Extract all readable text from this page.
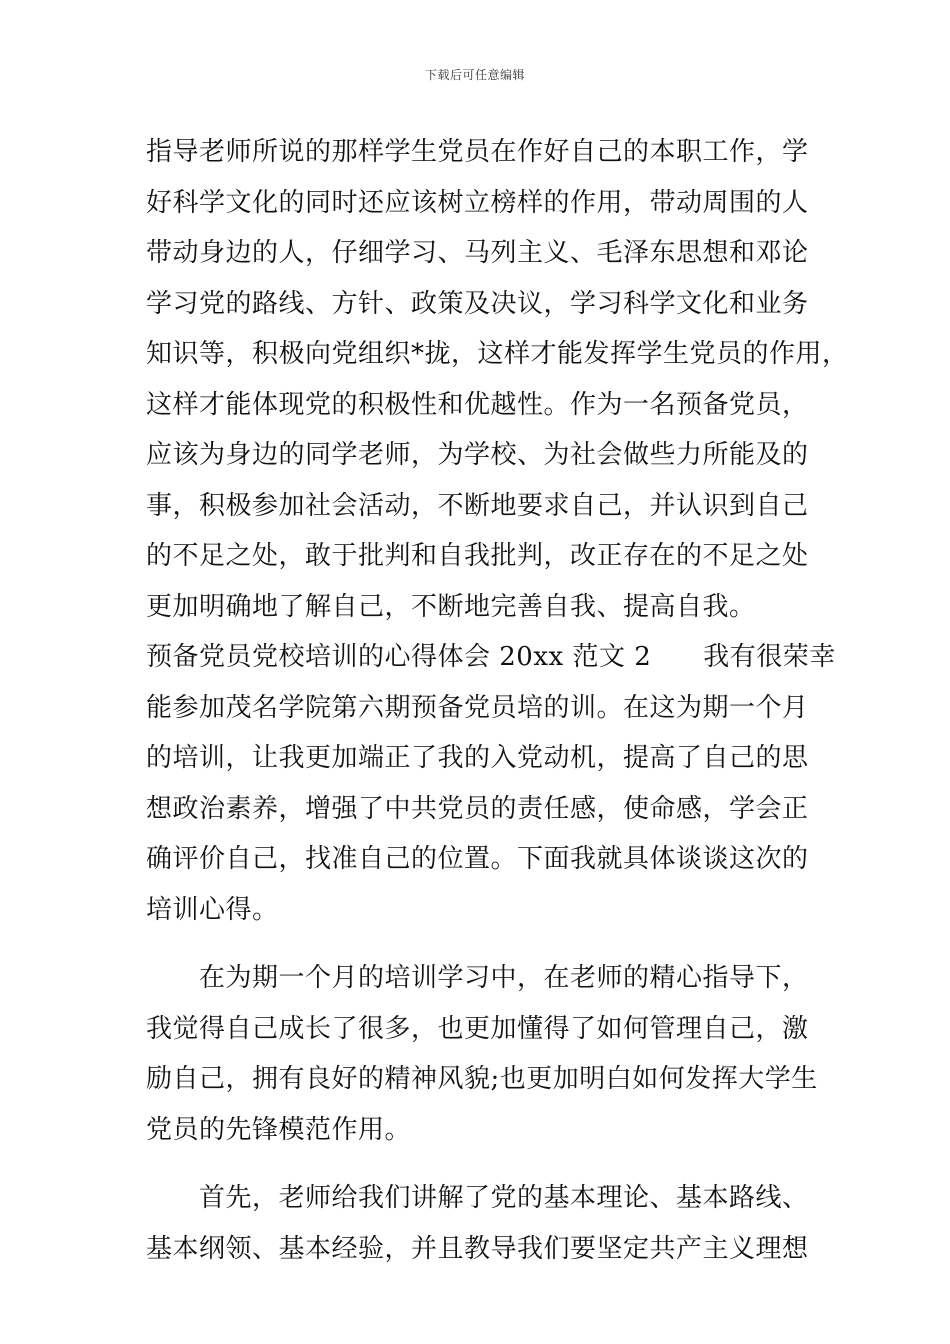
下载后可任意编辑
指导老师所说的那样学生党员在作好自己的本职工作，学
好科学文化的同时还应该树立榜样的作用，带动周围的人
带动身边的人，仔细学习、马列主义、毛泽东思想和邓论
学习党的路线、方针、政策及决议，学习科学文化和业务
知识等，积极向党组织*拢，这样才能发挥学生党员的作用，
这样才能体现党的积极性和优越性。作为一名预备党员，
应该为身边的同学老师，为学校、为社会做些力所能及的
事，积极参加社会活动，不断地要求自己，并认识到自己
的不足之处，敢于批判和自我批判，改正存在的不足之处
更加明确地了解自己，不断地完善自我、提高自我。
预备党员党校培训的心得体会 20xx 范文 2 我有很荣幸
能参加茂名学院第六期预备党员培的训。在这为期一个月
的培训，让我更加端正了我的入党动机，提高了自己的思
想政治素养，增强了中共党员的责任感，使命感，学会正
确评价自己，找准自己的位置。下面我就具体谈谈这次的
培训心得。
在为期一个月的培训学习中，在老师的精心指导下，
我觉得自己成长了很多，也更加懂得了如何管理自己，激
励自己，拥有良好的精神风貌;也更加明白如何发挥大学生
党员的先锋模范作用。
首先，老师给我们讲解了党的基本理论、基本路线、
基本纲领、基本经验，并且教导我们要坚定共产主义理想
